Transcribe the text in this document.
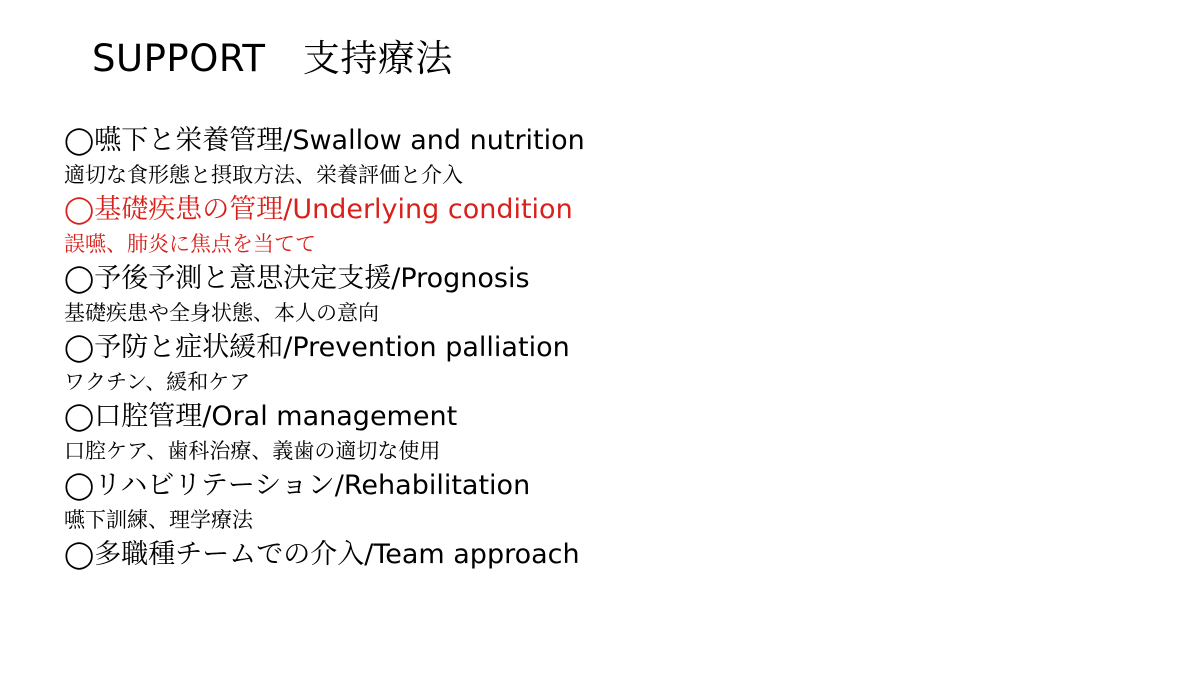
SUPPORT　支持療法
◯嚥下と栄養管理/Swallow and nutrition
適切な食形態と摂取方法、栄養評価と介入
◯基礎疾患の管理/Underlying condition
誤嚥、肺炎に焦点を当てて
◯予後予測と意思決定支援/Prognosis
基礎疾患や全身状態、本人の意向
◯予防と症状緩和/Prevention palliation
ワクチン、緩和ケア
◯口腔管理/Oral management
口腔ケア、歯科治療、義歯の適切な使用
◯リハビリテーション/Rehabilitation
嚥下訓練、理学療法
◯多職種チームでの介入/Team approach
